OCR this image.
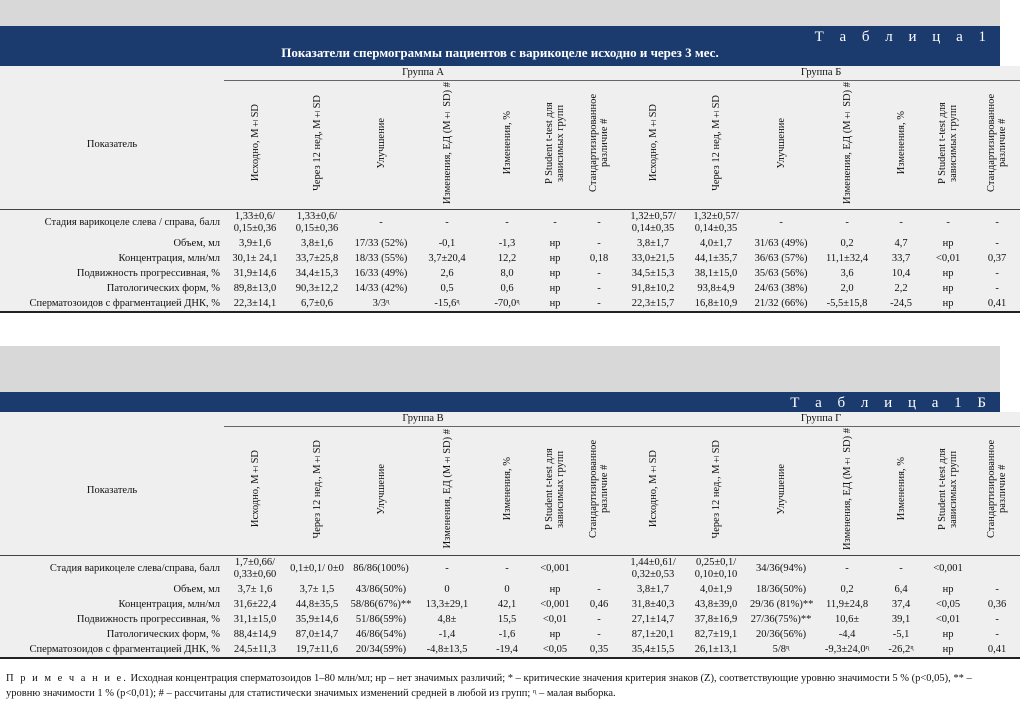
Т а б л и ц а 1
Показатели спермограммы пациентов с варикоцеле исходно и через 3 мес.
	Группа А							Группа Б						
Показатель	Исходно, M±SD	Через 12 нед, M±SD	Улучшение	Изменения, ЕД (M± SD) #	Изменения, %	P Student t-test для зависимых групп	Стандартизированное различие #	Исходно, M±SD	Через 12 нед, M±SD	Улучшение	Изменения, ЕД (M± SD) #	Изменения, %	P Student t-test для зависимых групп	Стандартизированное различие #
Стадия варикоцеле слева / справа, балл	1,33±0,6/ 0,15±0,36	1,33±0,6/ 0,15±0,36	-	-	-	-	-	1,32±0,57/ 0,14±0,35	1,32±0,57/ 0,14±0,35	-	-	-	-	-
Объем, мл	3,9±1,6	3,8±1,6	17/33 (52%)	-0,1	-1,3	нр	-	3,8±1,7	4,0±1,7	31/63 (49%)	0,2	4,7	нр	-
Концентрация, млн/мл	30,1± 24,1	33,7±25,8	18/33 (55%)	3,7±20,4	12,2	нр	0,18	33,0±21,5	44,1±35,7	36/63 (57%)	11,1±32,4	33,7	<0,01	0,37
Подвижность прогрессивная, %	31,9±14,6	34,4±15,3	16/33 (49%)	2,6	8,0	нр	-	34,5±15,3	38,1±15,0	35/63 (56%)	3,6	10,4	нр	-
Патологических форм, %	89,8±13,0	90,3±12,2	14/33 (42%)	0,5	0,6	нр	-	91,8±10,2	93,8±4,9	24/63 (38%)	2,0	2,2	нр	-
Сперматозоидов с фрагментацией ДНК, %	22,3±14,1	6,7±0,6	3/3ᶯ	-15,6ᶯ	-70,0ᶯ	нр	-	22,3±15,7	16,8±10,9	21/32 (66%)	-5,5±15,8	-24,5	нр	0,41
Т а б л и ц а 1 Б
	Группа В							Группа Г						
Показатель	Исходно, M±SD	Через 12 нед., M±SD	Улучшение	Изменения, ЕД (M±SD) #	Изменения, %	P Student t-test для зависимых групп	Стандартизированное различие #	Исходно, M±SD	Через 12 нед., M±SD	Улучшение	Изменения, ЕД (M± SD) #	Изменения, %	P Student t-test для зависимых групп	Стандартизированное различие #
Стадия варикоцеле слева/справа, балл	1,7±0,66/ 0,33±0,60	0,1±0,1/ 0±0	86/86(100%)	-	-	<0,001		1,44±0,61/ 0,32±0,53	0,25±0,1/ 0,10±0,10	34/36(94%)	-	-	<0,001	
Объем, мл	3,7± 1,6	3,7± 1,5	43/86(50%)	0	0	нр	-	3,8±1,7	4,0±1,9	18/36(50%)	0,2	6,4	нр	-
Концентрация, млн/мл	31,6±22,4	44,8±35,5	58/86(67%)**	13,3±29,1	42,1	<0,001	0,46	31,8±40,3	43,8±39,0	29/36 (81%)**	11,9±24,8	37,4	<0,05	0,36
Подвижность прогрессивная, %	31,1±15,0	35,9±14,6	51/86(59%)	4,8±	15,5	<0,01	-	27,1±14,7	37,8±16,9	27/36(75%)**	10,6±	39,1	<0,01	-
Патологических форм, %	88,4±14,9	87,0±14,7	46/86(54%)	-1,4	-1,6	нр	-	87,1±20,1	82,7±19,1	20/36(56%)	-4,4	-5,1	нр	-
Сперматозоидов с фрагментацией ДНК, %	24,5±11,3	19,7±11,6	20/34(59%)	-4,8±13,5	-19,4	<0,05	0,35	35,4±15,5	26,1±13,1	5/8ᶯ	-9,3±24,0ᶯ	-26,2ᶯ	нр	0,41
П р и м е ч а н и е. Исходная концентрация сперматозоидов 1–80 млн/мл; нр – нет значимых различий; * – критические значения критерия знаков (Z), соответствующие уровню значимости 5 % (p<0,05), ** – уровню значимости 1 % (p<0,01); # – рассчитаны для статистически значимых изменений средней в любой из групп; ᶯ – малая выборка.
